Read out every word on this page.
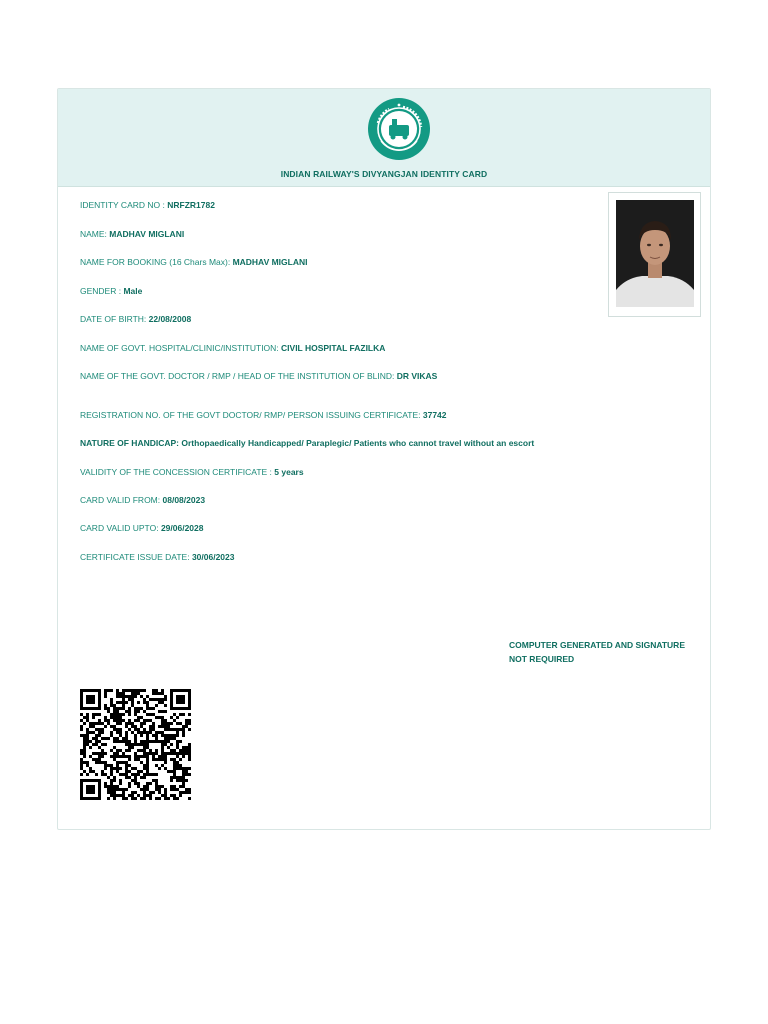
INDIAN RAILWAY'S DIVYANGJAN IDENTITY CARD
IDENTITY CARD NO : NRFZR1782
NAME: MADHAV MIGLANI
NAME FOR BOOKING (16 Chars Max): MADHAV MIGLANI
GENDER : Male
DATE OF BIRTH: 22/08/2008
NAME OF GOVT. HOSPITAL/CLINIC/INSTITUTION: CIVIL HOSPITAL FAZILKA
NAME OF THE GOVT. DOCTOR / RMP / HEAD OF THE INSTITUTION OF BLIND: DR VIKAS
REGISTRATION NO. OF THE GOVT DOCTOR/ RMP/ PERSON ISSUING CERTIFICATE: 37742
NATURE OF HANDICAP: Orthopaedically Handicapped/ Paraplegic/ Patients who cannot travel without an escort
VALIDITY OF THE CONCESSION CERTIFICATE : 5 years
CARD VALID FROM: 08/08/2023
CARD VALID UPTO: 29/06/2028
CERTIFICATE ISSUE DATE: 30/06/2023
COMPUTER GENERATED AND SIGNATURE
NOT REQUIRED
